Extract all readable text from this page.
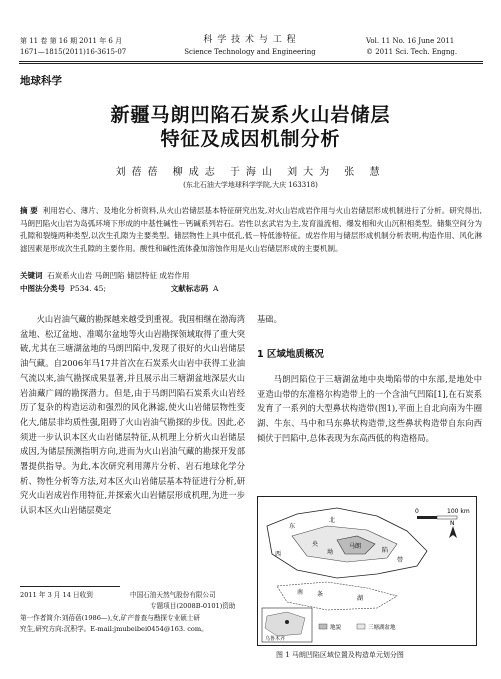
第 11 卷 第 16 期 2011 年 6 月
1671—1815(2011)16-3615-07
科 学 技 术 与 工 程
Science Technology and Engineering
Vol. 11 No. 16 June 2011
© 2011 Sci. Tech. Engng.
地球科学
新疆马朗凹陷石炭系火山岩储层
特征及成因机制分析
刘蓓蓓 柳成志 于海山 刘大为 张 慧
(东北石油大学地球科学学院,大庆 163318)
摘 要 利用岩心、薄片、及地化分析资料,从火山岩储层基本特征研究出发,对火山岩成岩作用与火山岩储层形成机制进行了分析。研究得出,马朗凹陷火山岩为岛弧环境下形成的中基性碱性－钙碱系列岩石。岩性以玄武岩为主,发育溢流相、爆发相和火山沉积相类型。储集空间分为孔隙和裂缝两种类型,以次生孔隙为主要类型。储层物性上具中低孔,低－特低渗特征。成岩作用与储层形成机制分析表明,构造作用、风化淋滤因素是形成次生孔隙的主要作用。酸性和碱性流体叠加溶蚀作用是火山岩储层形成的主要机制。
关键词 石炭系火山岩 马朗凹陷 储层特征 成岩作用
中图法分类号 P534. 45;	文献标志码 A

火山岩油气藏的勘探越来越受到重视。我国相继在渤海湾盆地、松辽盆地、准噶尔盆地等火山岩勘探领域取得了重大突破,尤其在三塘湖盆地的马朗凹陷中,发现了很好的火山岩储层油气藏。自2006年马17井首次在石炭系火山岩中获得工业油气流以来,油气勘探成果显著,并且展示出三塘湖盆地深层火山岩油藏广阔的勘探潜力。但是,由于马朗凹陷石炭系火山岩经历了复杂的构造运动和强烈的风化淋滤,使火山岩储层物性变化大,储层非均质性强,阻碍了火山岩油气勘探的步伐。因此,必须进一步认识本区火山岩储层特征,从机理上分析火山岩储层成因,为储层预测指明方向,进而为火山岩油气藏的勘探开发部署提供指导。为此,本次研究利用薄片分析、岩石地球化学分析、物性分析等方法,对本区火山岩储层基本特征进行分析,研究火山岩成岩作用特征,并探索火山岩储层形成机理,为进一步认识本区火山岩储层奠定

基础。
1 区域地质概况

马朗凹陷位于三塘湖盆地中央坳陷带的中东部,是地处中亚造山带的东准格尔构造带上的一个含油气凹陷[1],在石炭系发育了一系列的大型鼻状构造带(图1),平面上自北向南为牛圈湖、牛东、马中和马东鼻状构造带,这些鼻状构造带自东向西倾伏于凹陷中,总体表现为东高西低的构造格局。

2011 年 3 月 14 日收到	中国石油天然气股份有限公司
专题项目(2008B-0101)资助
第一作者简介:刘蓓蓓(1986—),女,矿产普查与勘探专业硕士研
究生,研究方向:沉积学。E-mail:jmubeibei0454@163. com。
0	100 km
N
东
北
西
央
坳
马朗
陷
带
条
湖
南
乌鲁木齐
地貌	三塘湖盆地
图 1 马朗凹陷区域位置及构造单元划分图
